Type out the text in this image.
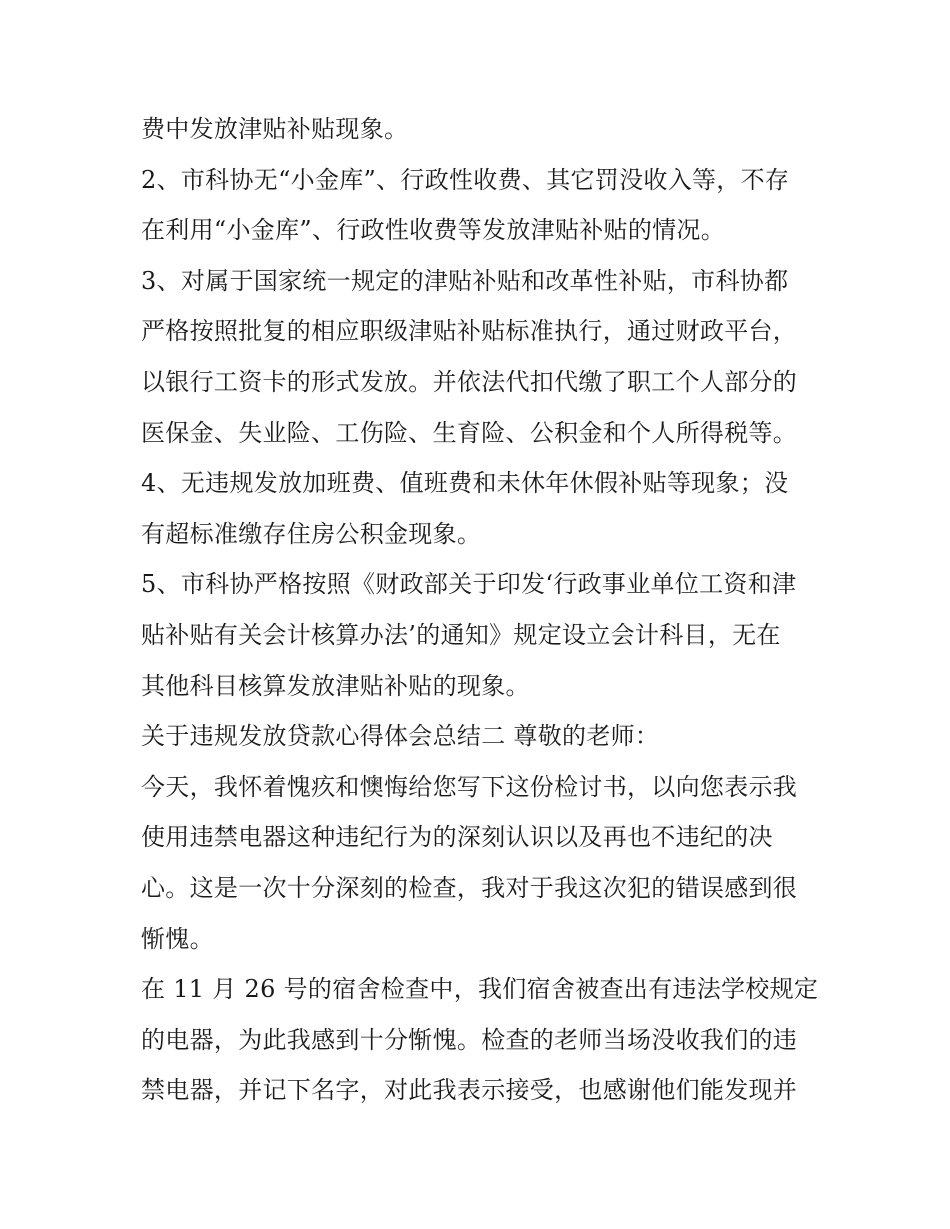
费中发放津贴补贴现象。
2、市科协无“小金库”、行政性收费、其它罚没收入等，不存
在利用“小金库”、行政性收费等发放津贴补贴的情况。
3、对属于国家统一规定的津贴补贴和改革性补贴，市科协都
严格按照批复的相应职级津贴补贴标准执行，通过财政平台，
以银行工资卡的形式发放。并依法代扣代缴了职工个人部分的
医保金、失业险、工伤险、生育险、公积金和个人所得税等。
4、无违规发放加班费、值班费和未休年休假补贴等现象；没
有超标准缴存住房公积金现象。
5、市科协严格按照《财政部关于印发‘行政事业单位工资和津
贴补贴有关会计核算办法’的通知》规定设立会计科目，无在
其他科目核算发放津贴补贴的现象。
关于违规发放贷款心得体会总结二 尊敬的老师：
今天，我怀着愧疚和懊悔给您写下这份检讨书，以向您表示我
使用违禁电器这种违纪行为的深刻认识以及再也不违纪的决
心。这是一次十分深刻的检查，我对于我这次犯的错误感到很
惭愧。
在 11 月 26 号的宿舍检查中，我们宿舍被查出有违法学校规定
的电器，为此我感到十分惭愧。检查的老师当场没收我们的违
禁电器，并记下名字，对此我表示接受，也感谢他们能发现并
